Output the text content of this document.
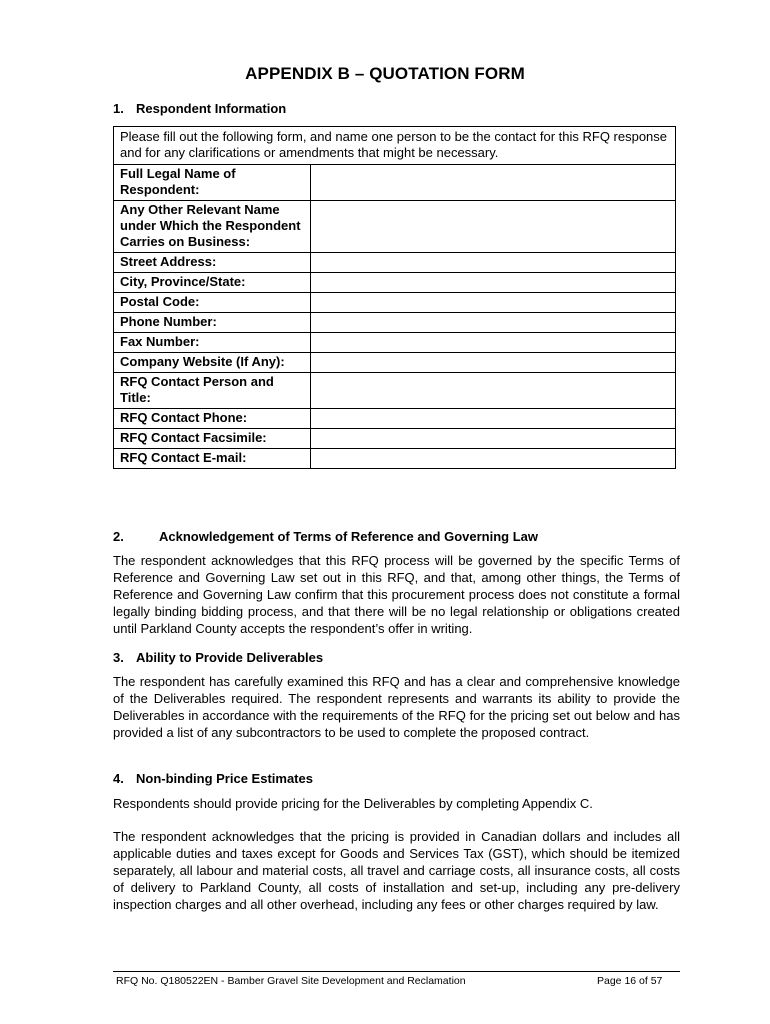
APPENDIX B – QUOTATION FORM
1. Respondent Information
Please fill out the following form, and name one person to be the contact for this RFQ response and for any clarifications or amendments that might be necessary.	
Full Legal Name of Respondent:	
Any Other Relevant Name under Which the Respondent Carries on Business:	
Street Address:	
City, Province/State:	
Postal Code:	
Phone Number:	
Fax Number:	
Company Website (If Any):	
RFQ Contact Person and Title:	
RFQ Contact Phone:	
RFQ Contact Facsimile:	
RFQ Contact E-mail:	
2.	Acknowledgement of Terms of Reference and Governing Law
The respondent acknowledges that this RFQ process will be governed by the specific Terms of Reference and Governing Law set out in this RFQ, and that, among other things, the Terms of Reference and Governing Law confirm that this procurement process does not constitute a formal legally binding bidding process, and that there will be no legal relationship or obligations created until Parkland County accepts the respondent’s offer in writing.
3. Ability to Provide Deliverables
The respondent has carefully examined this RFQ and has a clear and comprehensive knowledge of the Deliverables required. The respondent represents and warrants its ability to provide the Deliverables in accordance with the requirements of the RFQ for the pricing set out below and has provided a list of any subcontractors to be used to complete the proposed contract.
4. Non-binding Price Estimates
Respondents should provide pricing for the Deliverables by completing Appendix C.
The respondent acknowledges that the pricing is provided in Canadian dollars and includes all applicable duties and taxes except for Goods and Services Tax (GST), which should be itemized separately, all labour and material costs, all travel and carriage costs, all insurance costs, all costs of delivery to Parkland County, all costs of installation and set-up, including any pre-delivery inspection charges and all other overhead, including any fees or other charges required by law.
RFQ No. Q180522EN - Bamber Gravel Site Development and Reclamation	Page 16 of 57
